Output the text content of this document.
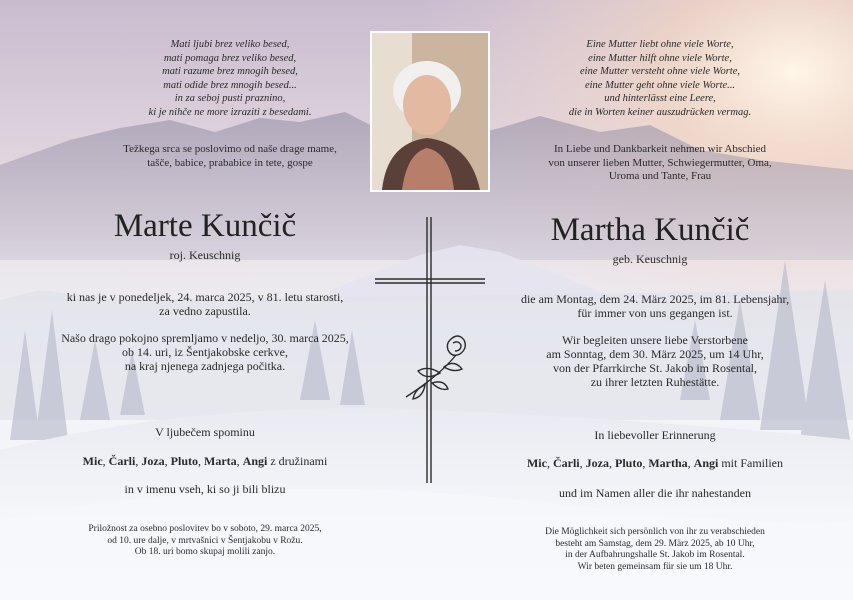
Mati ljubi brez veliko besed,
mati pomaga brez veliko besed,
mati razume brez mnogih besed,
mati odide brez mnogih besed...
in za seboj pusti praznino,
ki je nihče ne more izraziti z besedami.
Težkega srca se poslovimo od naše drage mame,
tašče, babice, prababice in tete, gospe
Marte Kunčič
roj. Keuschnig
ki nas je v ponedeljek, 24. marca 2025, v 81. letu starosti,
za vedno zapustila.
Našo drago pokojno spremljamo v nedeljo, 30. marca 2025,
ob 14. uri, iz Šentjakobske cerkve,
na kraj njenega zadnjega počitka.
V ljubečem spominu
Mic, Čarli, Joza, Pluto, Marta, Angi z družinami
in v imenu vseh, ki so ji bili blizu
Priložnost za osebno poslovitev bo v soboto, 29. marca 2025,
od 10. ure dalje, v mrtvašnici v Šentjakobu v Rožu.
Ob 18. uri bomo skupaj molili zanjo.
Eine Mutter liebt ohne viele Worte,
eine Mutter hilft ohne viele Worte,
eine Mutter versteht ohne viele Worte,
eine Mutter geht ohne viele Worte...
und hinterlässt eine Leere,
die in Worten keiner auszudrücken vermag.
In Liebe und Dankbarkeit nehmen wir Abschied
von unserer lieben Mutter, Schwiegermutter, Oma,
Uroma und Tante, Frau
Martha Kunčič
geb. Keuschnig
die am Montag, dem 24. März 2025, im 81. Lebensjahr,
für immer von uns gegangen ist.
Wir begleiten unsere liebe Verstorbene
am Sonntag, dem 30. März 2025, um 14 Uhr,
von der Pfarrkirche St. Jakob im Rosental,
zu ihrer letzten Ruhestätte.
In liebevoller Erinnerung
Mic, Čarli, Joza, Pluto, Martha, Angi mit Familien
und im Namen aller die ihr nahestanden
Die Möglichkeit sich persönlich von ihr zu verabschieden
besteht am Samstag, dem 29. März 2025, ab 10 Uhr,
in der Aufbahrungshalle St. Jakob im Rosental.
Wir beten gemeinsam für sie um 18 Uhr.
